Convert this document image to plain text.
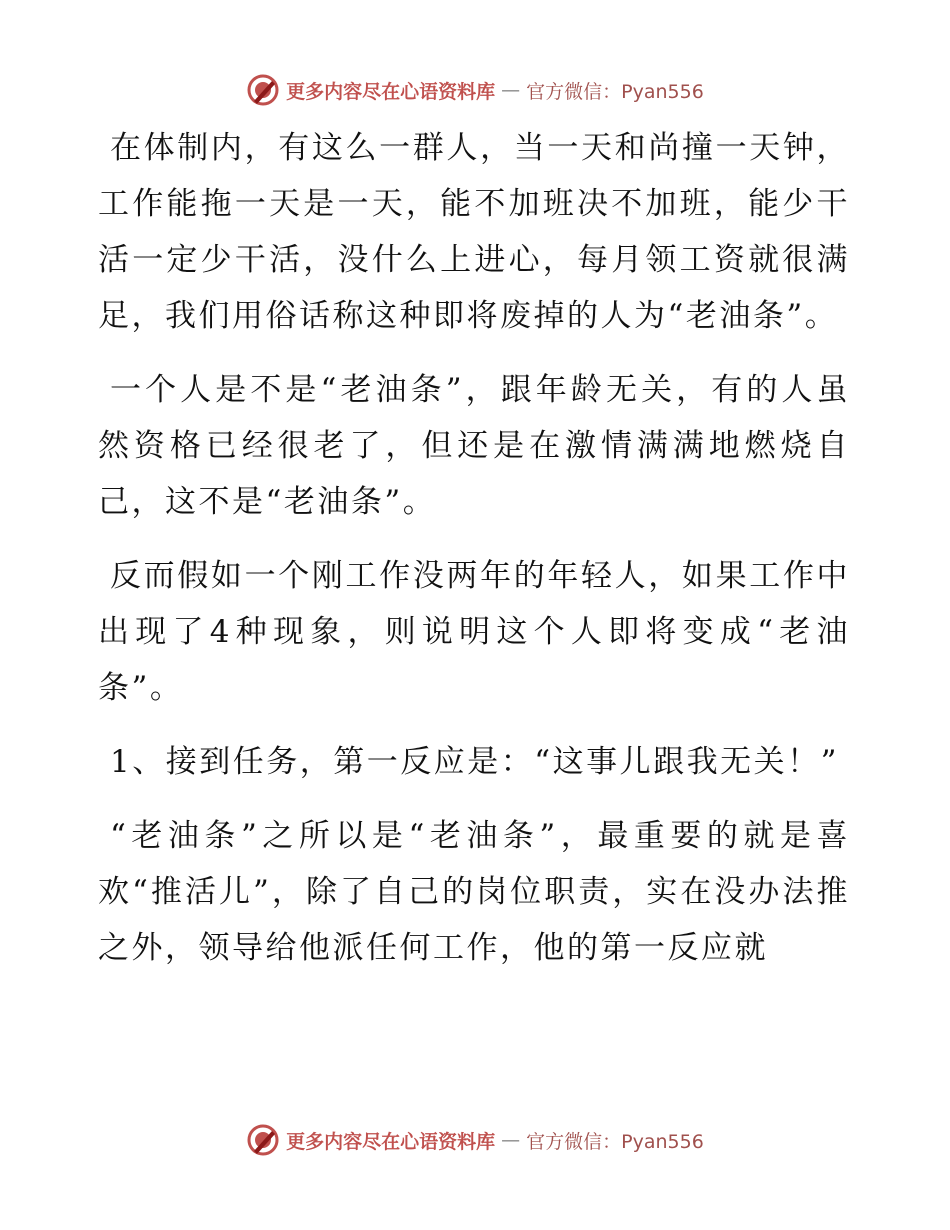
更多内容尽在心语资料库 — 官方微信：Pyan556

在体制内，有这么一群人，当一天和尚撞一天钟，工作能拖一天是一天，能不加班决不加班，能少干活一定少干活，没什么上进心，每月领工资就很满足，我们用俗话称这种即将废掉的人为“老油条”。

一个人是不是“老油条”，跟年龄无关，有的人虽然资格已经很老了，但还是在激情满满地燃烧自己，这不是“老油条”。

反而假如一个刚工作没两年的年轻人，如果工作中出现了4种现象，则说明这个人即将变成“老油条”。

1、接到任务，第一反应是：“这事儿跟我无关！”

“老油条”之所以是“老油条”，最重要的就是喜欢“推活儿”，除了自己的岗位职责，实在没办法推之外，领导给他派任何工作，他的第一反应就

更多内容尽在心语资料库 — 官方微信：Pyan556
